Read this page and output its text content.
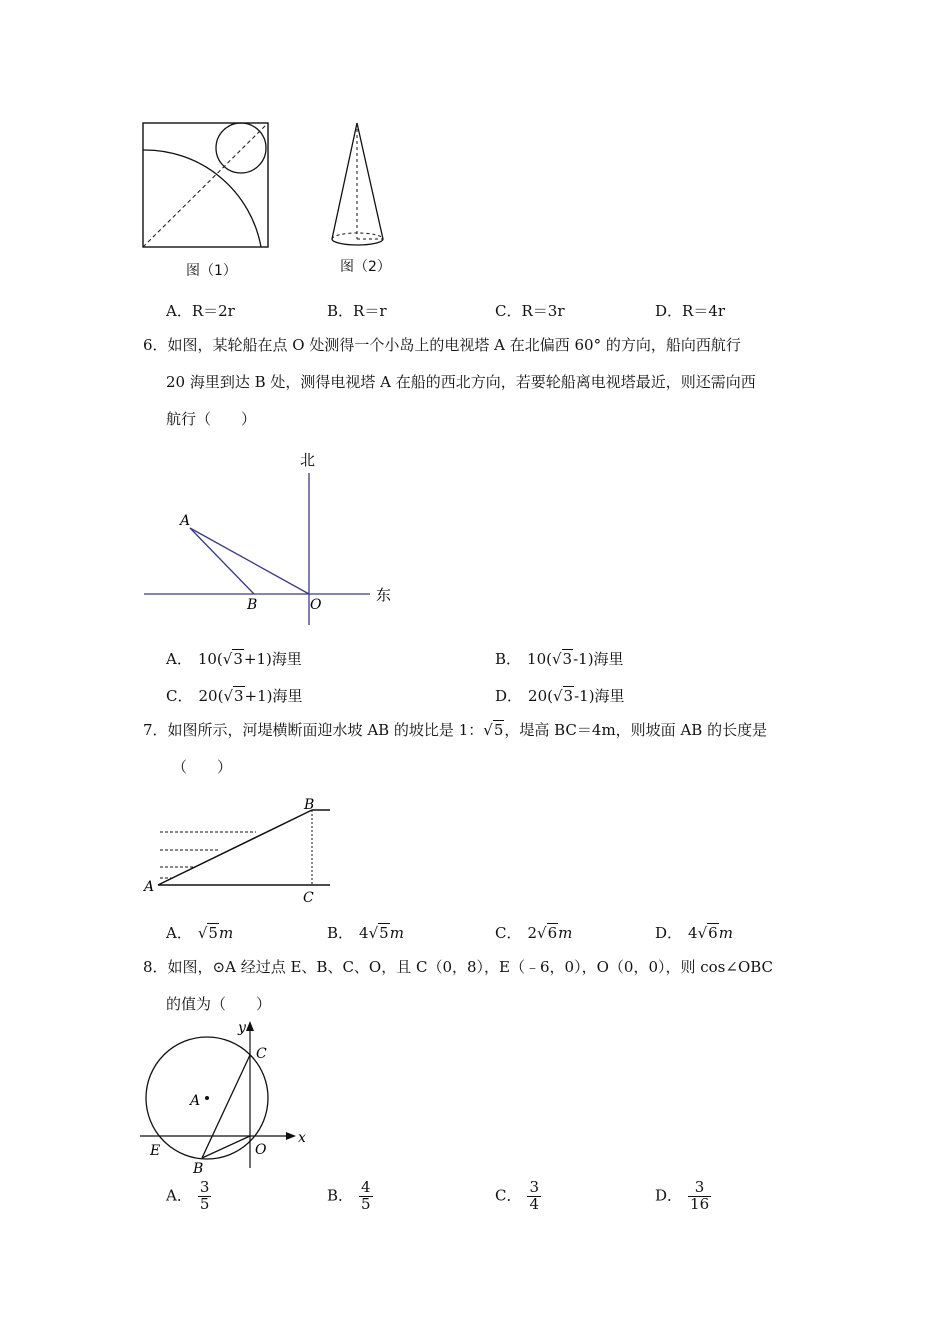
图（1）	图（2）
A．R＝2r	B．R＝r	C．R＝3r	D．R＝4r
6．如图，某轮船在点 O 处测得一个小岛上的电视塔 A 在北偏西 60° 的方向，船向西航行
20 海里到达 B 处，测得电视塔 A 在船的西北方向，若要轮船离电视塔最近，则还需向西
航行（　　）
北
东
A
B	O
A． 10(√3+1)海里	B． 10(√3-1)海里
C． 20(√3+1)海里	D． 20(√3-1)海里
7．如图所示，河堤横断面迎水坡 AB 的坡比是 1：√5，堤高 BC＝4m，则坡面 AB 的长度是
（　　）
A
B
C
A． √5m	B． 4√5m	C． 2√6m	D． 4√6m
8．如图，⊙A 经过点 E、B、C、O，且 C（0，8），E（﹣6，0），O（0，0），则 cos∠OBC
的值为（　　）
y
x
C
A
E
B
O
A． $\frac{3}{5}$	B． $\frac{4}{5}$	C． $\frac{3}{4}$	D． $\frac{3}{16}$
